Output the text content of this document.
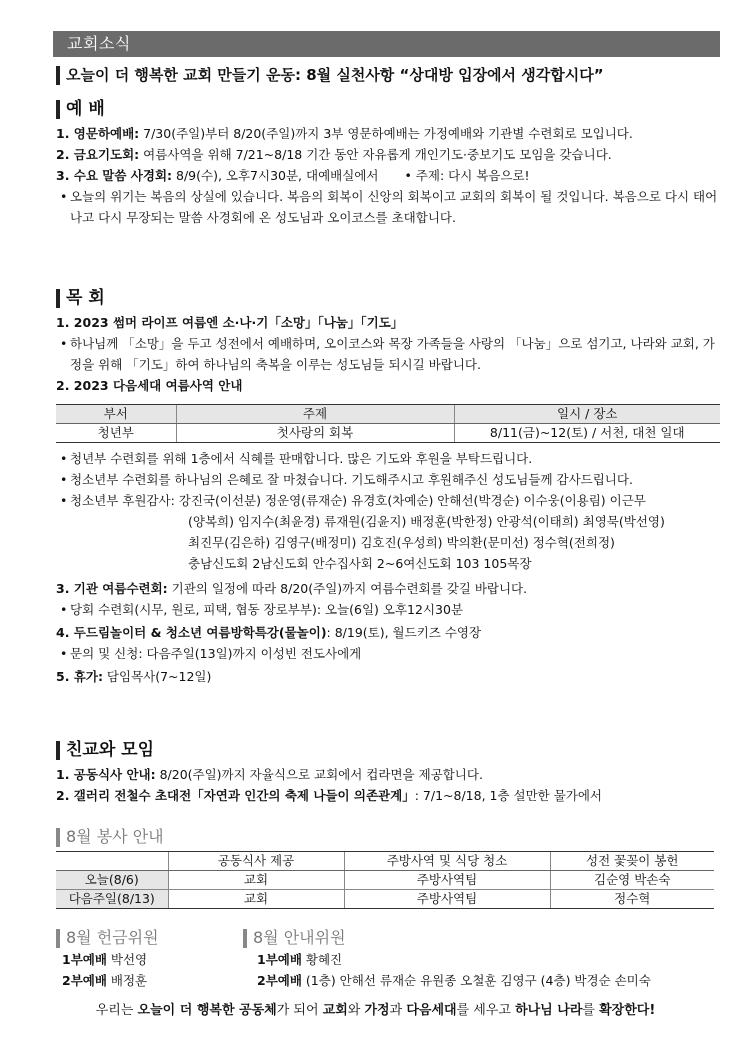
교회소식
오늘이 더 행복한 교회 만들기 운동: 8월 실천사항 “상대방 입장에서 생각합시다”
예 배
1. 영문하예배: 7/30(주일)부터 8/20(주일)까지 3부 영문하예배는 가정예배와 기관별 수련회로 모입니다.
2. 금요기도회: 여름사역을 위해 7/21~8/18 기간 동안 자유롭게 개인기도·중보기도 모임을 갖습니다.
3. 수요 말씀 사경회: 8/9(수), 오후7시30분, 대예배실에서 • 주제: 다시 복음으로!
• 오늘의 위기는 복음의 상실에 있습니다. 복음의 회복이 신앙의 회복이고 교회의 회복이 될 것입니다. 복음으로 다시 태어나고 다시 무장되는 말씀 사경회에 온 성도님과 오이코스를 초대합니다.
목 회
1. 2023 썸머 라이프 여름엔 소·나·기「소망」「나눔」「기도」
• 하나님께 「소망」을 두고 성전에서 예배하며, 오이코스와 목장 가족들을 사랑의 「나눔」으로 섬기고, 나라와 교회, 가정을 위해 「기도」하여 하나님의 축복을 이루는 성도님들 되시길 바랍니다.
2. 2023 다음세대 여름사역 안내
부서	주제	일시 / 장소
청년부	첫사랑의 회복	8/11(금)~12(토) / 서천, 대천 일대
• 청년부 수련회를 위해 1층에서 식혜를 판매합니다. 많은 기도와 후원을 부탁드립니다.
• 청소년부 수련회를 하나님의 은혜로 잘 마쳤습니다. 기도해주시고 후원해주신 성도님들께 감사드립니다.
• 청소년부 후원감사: 강진국(이선분) 정운영(류재순) 유경호(차예순) 안해선(박경순) 이수웅(이용림) 이근무
(양복희) 임지수(최윤경) 류재원(김윤지) 배정훈(박한정) 안광석(이태희) 최영묵(박선영)
최진무(김은하) 김영구(배정미) 김호진(우성희) 박의환(문미선) 정수혁(전희정)
충남신도회 2남신도회 안수집사회 2~6여신도회 103 105목장
3. 기관 여름수련회: 기관의 일정에 따라 8/20(주일)까지 여름수련회를 갖길 바랍니다.
• 당회 수련회(시무, 원로, 피택, 협동 장로부부): 오늘(6일) 오후12시30분
4. 두드림놀이터 & 청소년 여름방학특강(물놀이): 8/19(토), 월드키즈 수영장
• 문의 및 신청: 다음주일(13일)까지 이성빈 전도사에게
5. 휴가: 담임목사(7~12일)
친교와 모임
1. 공동식사 안내: 8/20(주일)까지 자율식으로 교회에서 컵라면을 제공합니다.
2. 갤러리 전철수 초대전「자연과 인간의 축제 나들이 의존관계」: 7/1~8/18, 1층 설만한 물가에서
8월 봉사 안내
	공동식사 제공	주방사역 및 식당 청소	성전 꽃꽂이 봉헌
오늘(8/6)	교회	주방사역팀	김순영 박손숙
다음주일(8/13)	교회	주방사역팀	정수혁
8월 헌금위원
1부예배 박선영
2부예배 배정훈
8월 안내위원
1부예배 황혜진
2부예배 (1층) 안해선 류재순 유원종 오철훈 김영구 (4층) 박경순 손미숙
우리는 오늘이 더 행복한 공동체가 되어 교회와 가정과 다음세대를 세우고 하나님 나라를 확장한다!
